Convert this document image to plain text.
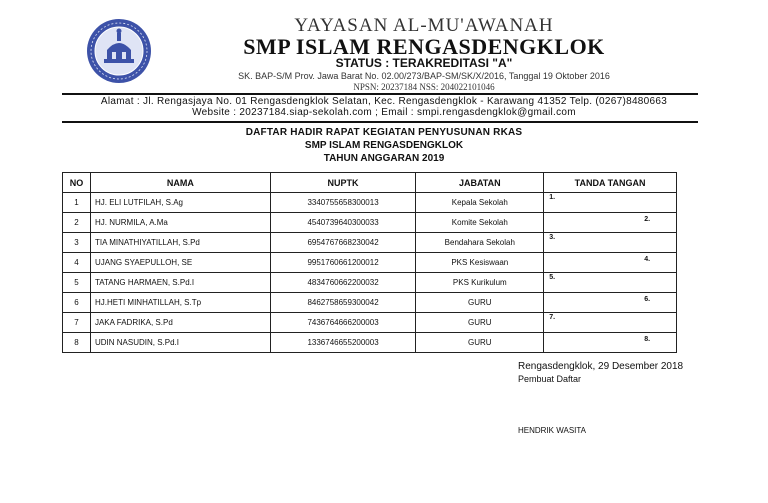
YAYASAN AL-MU'AWANAH
SMP ISLAM RENGASDENGKLOK
STATUS : TERAKREDITASI "A"
SK. BAP-S/M Prov. Jawa Barat No. 02.00/273/BAP-SM/SK/X/2016, Tanggal 19 Oktober 2016
NPSN: 20237184 NSS: 204022101046
Alamat : Jl. Rengasjaya No. 01 Rengasdengklok Selatan, Kec. Rengasdengklok - Karawang 41352 Telp. (0267)8480663
Website : 20237184.siap-sekolah.com ; Email : smpi.rengasdengklok@gmail.com
DAFTAR HADIR RAPAT KEGIATAN PENYUSUNAN RKAS
SMP ISLAM RENGASDENGKLOK
TAHUN ANGGARAN 2019
NO	NAMA	NUPTK	JABATAN	TANDA TANGAN
1	HJ. ELI LUTFILAH, S.Ag	3340755658300013	Kepala Sekolah	1.

2	HJ. NURMILA, A.Ma	4540739640300033	Komite Sekolah	2.

3	TIA MINATHIYATILLAH, S.Pd	6954767668230042	Bendahara Sekolah	3.

4	UJANG SYAEPULLOH, SE	9951760661200012	PKS Kesiswaan	4.

5	TATANG HARMAEN, S.Pd.I	4834760662200032	PKS Kurikulum	5.

6	HJ.HETI MINHATILLAH, S.Tp	8462758659300042	GURU	6.

7	JAKA FADRIKA, S.Pd	7436764666200003	GURU	7.

8	UDIN NASUDIN, S.Pd.I	1336746655200003	GURU	8.
Rengasdengklok, 29 Desember 2018
Pembuat Daftar
HENDRIK WASITA
